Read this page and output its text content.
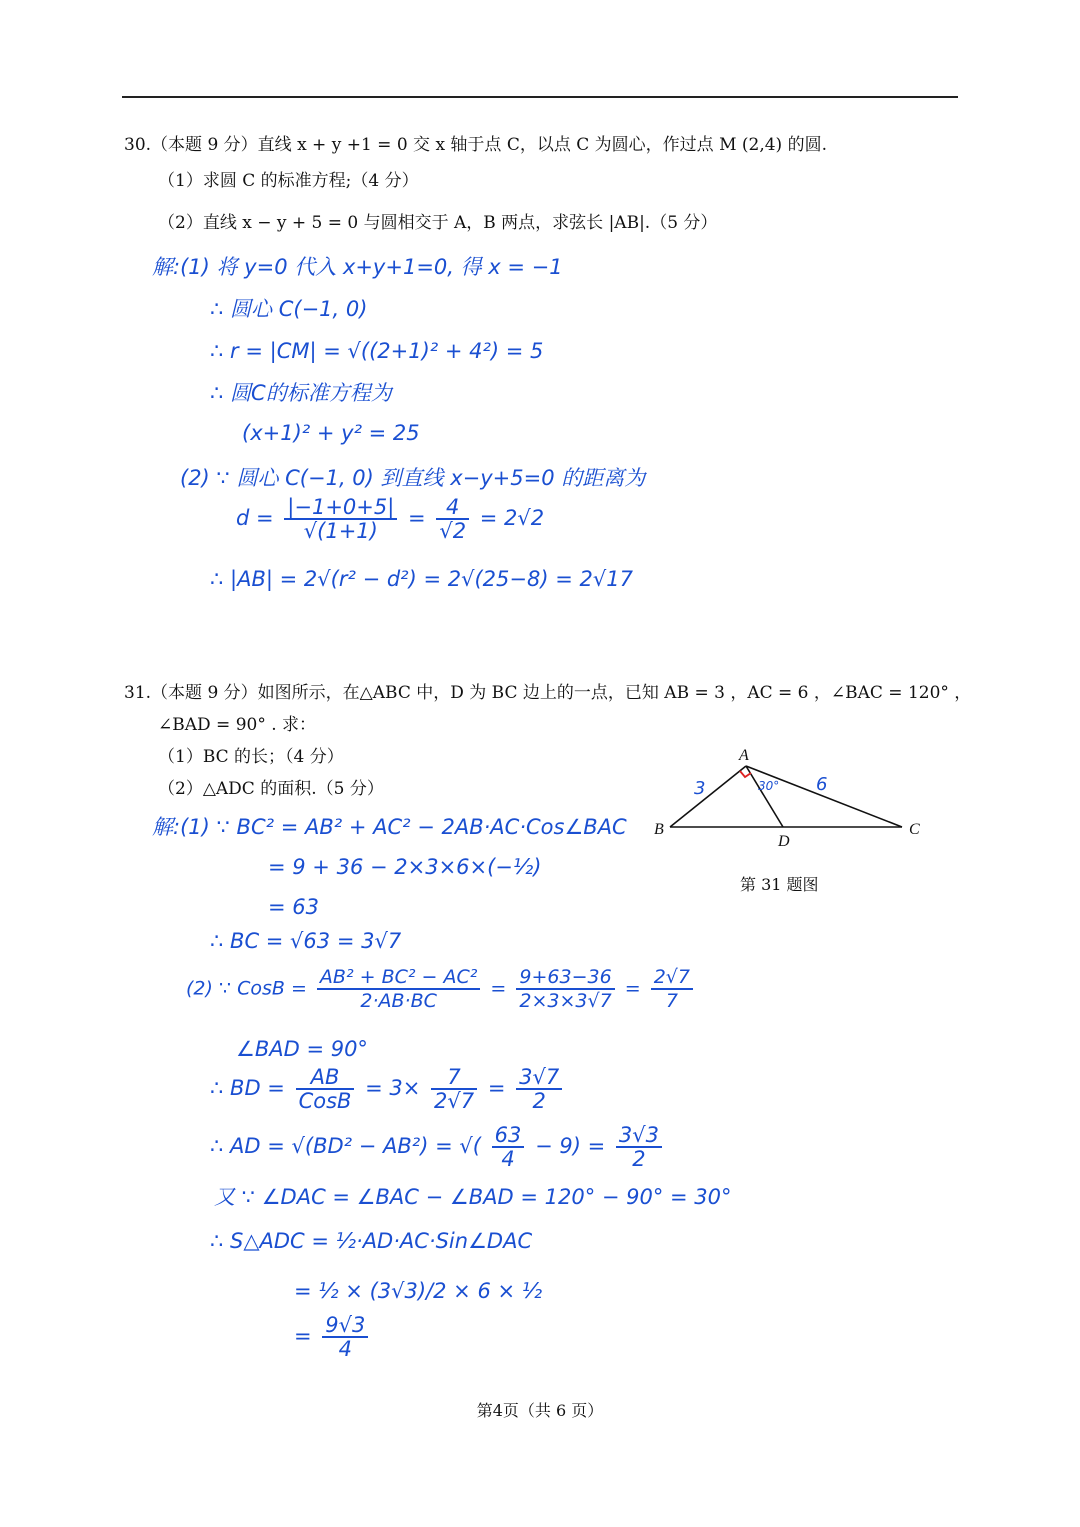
30.（本题 9 分）直线 x + y +1 = 0 交 x 轴于点 C，以点 C 为圆心，作过点 M (2,4) 的圆.
（1）求圆 C 的标准方程;（4 分）
（2）直线 x − y + 5 = 0 与圆相交于 A，B 两点，求弦长 |AB|.（5 分）
解:(1) 将 y=0 代入 x+y+1=0, 得 x = −1
∴ 圆心 C(−1, 0)
∴ r = |CM| = √((2+1)² + 4²) = 5
∴ 圆C的标准方程为
(x+1)² + y² = 25
(2) ∵ 圆心 C(−1, 0) 到直线 x−y+5=0 的距离为
$d = \frac{|-1+0+5|}{√(1+1)} = \frac{4}{√2} = 2√2$
∴ |AB| = 2√(r² − d²) = 2√(25−8) = 2√17
31.（本题 9 分）如图所示，在△ABC 中，D 为 BC 边上的一点，已知 AB = 3 ，AC = 6 ，∠BAC = 120° ，
∠BAD = 90° . 求：
（1）BC 的长；（4 分）
（2）△ADC 的面积.（5 分）
A
B	C
D
3	6
30°
第 31 题图
解:(1) ∵ BC² = AB² + AC² − 2AB·AC·Cos∠BAC
= 9 + 36 − 2×3×6×(−½)
= 63
∴ BC = √63 = 3√7
(2) ∵ CosB = $\frac{\text{AB² + BC² − AC²}}{2\cdot AB\cdot BC} = \frac{9+63-36}{2\times 3\times 3√7} = \frac{2√7}{7}$
∠BAD = 90°
∴ BD = $\frac{AB}{\text{CosB}} = 3\times \frac{7}{2√7} = \frac{3√7}{2}$
∴ AD = √(BD² − AB²) = √( $\frac{63}{4} - 9) = \frac{3√3}{2}$
又 ∵ ∠DAC = ∠BAC − ∠BAD = 120° − 90° = 30°
∴ S△ADC = ½·AD·AC·Sin∠DAC
= ½ × (3√3)/2 × 6 × ½
= $\frac{9√3}{4}$
第4页（共 6 页）
